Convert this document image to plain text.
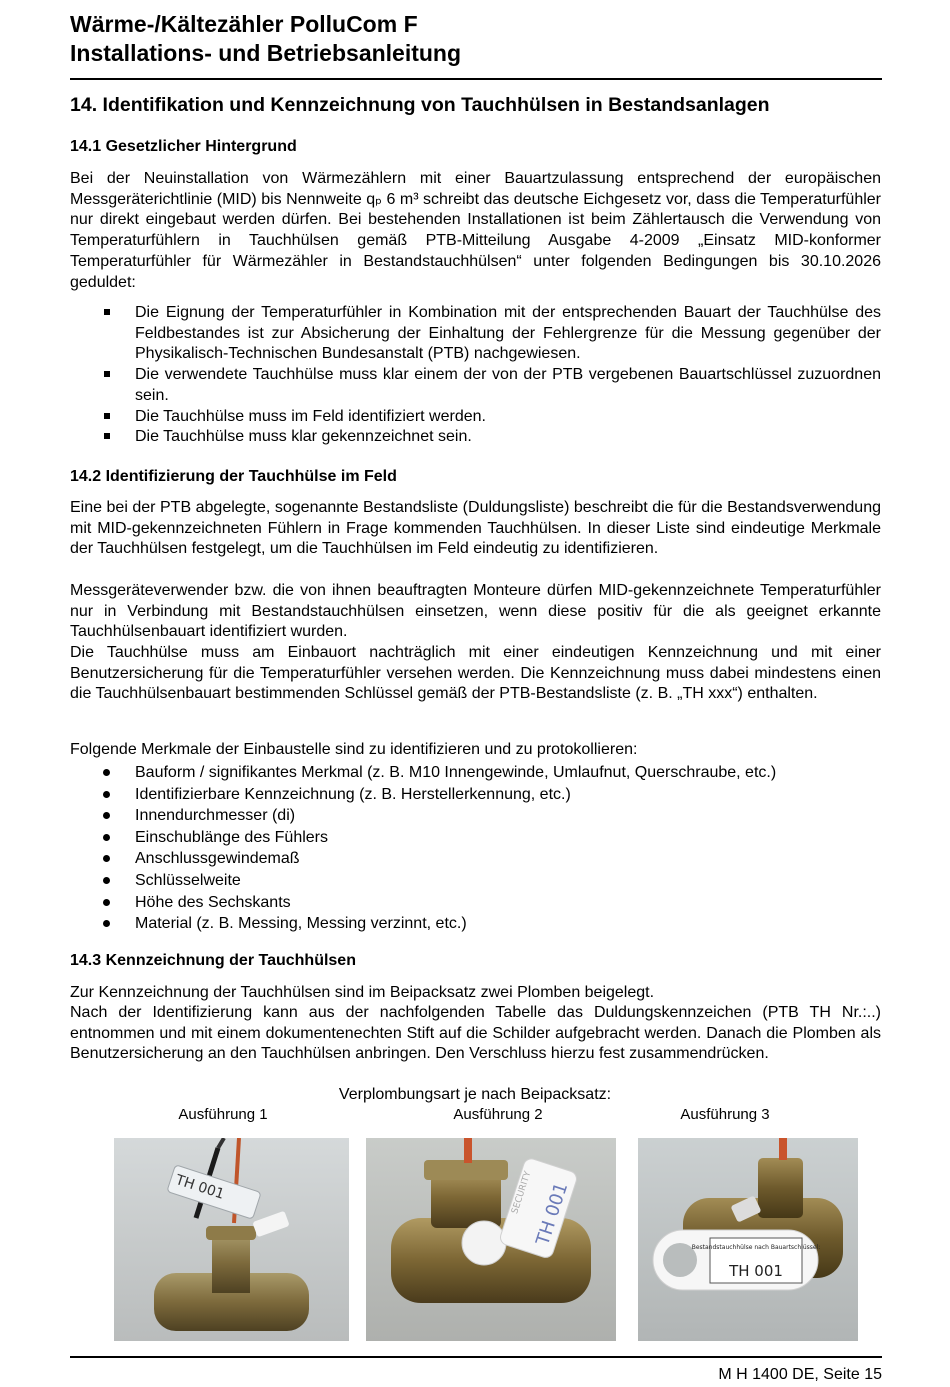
Wärme-/Kältezähler PolluCom F
Installations- und Betriebsanleitung
14. Identifikation und Kennzeichnung von Tauchhülsen in Bestandsanlagen
14.1 Gesetzlicher Hintergrund
Bei der Neuinstallation von Wärmezählern mit einer Bauartzulassung entsprechend der europäischen Messgeräterichtlinie (MID) bis Nennweite qₚ 6 m³ schreibt das deutsche Eichgesetz vor, dass die Temperaturfühler nur direkt eingebaut werden dürfen. Bei bestehenden Installationen ist beim Zählertausch die Verwendung von Temperaturfühlern in Tauchhülsen gemäß PTB-Mitteilung Ausgabe 4-2009 „Einsatz MID-konformer Temperaturfühler für Wärmezähler in Bestandstauchhülsen“ unter folgenden Bedingungen bis 30.10.2026 geduldet:
Die Eignung der Temperaturfühler in Kombination mit der entsprechenden Bauart der Tauchhülse des Feldbestandes ist zur Absicherung der Einhaltung der Fehlergrenze für die Messung gegenüber der Physikalisch-Technischen Bundesanstalt (PTB) nachgewiesen.
Die verwendete Tauchhülse muss klar einem der von der PTB vergebenen Bauartschlüssel zuzuordnen sein.
Die Tauchhülse muss im Feld identifiziert werden.
Die Tauchhülse muss klar gekennzeichnet sein.
14.2 Identifizierung der Tauchhülse im Feld
Eine bei der PTB abgelegte, sogenannte Bestandsliste (Duldungsliste) beschreibt die für die Bestandsverwendung mit MID-gekennzeichneten Fühlern in Frage kommenden Tauchhülsen. In dieser Liste sind eindeutige Merkmale der Tauchhülsen festgelegt, um die Tauchhülsen im Feld eindeutig zu identifizieren.
Messgeräteverwender bzw. die von ihnen beauftragten Monteure dürfen MID-gekennzeichnete Temperaturfühler nur in Verbindung mit Bestandstauchhülsen einsetzen, wenn diese positiv für die als geeignet erkannte Tauchhülsenbauart identifiziert wurden.
Die Tauchhülse muss am Einbauort nachträglich mit einer eindeutigen Kennzeichnung und mit einer Benutzersicherung für die Temperaturfühler versehen werden. Die Kennzeichnung muss dabei mindestens einen die Tauchhülsenbauart bestimmenden Schlüssel gemäß der PTB-Bestandsliste (z. B. „TH xxx“) enthalten.
Folgende Merkmale der Einbaustelle sind zu identifizieren und zu protokollieren:
Bauform / signifikantes Merkmal (z. B. M10 Innengewinde, Umlaufnut, Querschraube, etc.)
Identifizierbare Kennzeichnung (z. B. Herstellerkennung, etc.)
Innendurchmesser (di)
Einschublänge des Fühlers
Anschlussgewindemaß
Schlüsselweite
Höhe des Sechskants
Material (z. B. Messing, Messing verzinnt, etc.)
14.3 Kennzeichnung der Tauchhülsen
Zur Kennzeichnung der Tauchhülsen sind im Beipacksatz zwei Plomben beigelegt.
Nach der Identifizierung kann aus der nachfolgenden Tabelle das Duldungskennzeichen (PTB TH Nr.:..) entnommen und mit einem dokumentenechten Stift auf die Schilder aufgebracht werden. Danach die Plomben als Benutzersicherung an den Tauchhülsen anbringen. Den Verschluss hierzu fest zusammendrücken.
Verplombungsart je nach Beipacksatz:
Ausführung 1	Ausführung 2	Ausführung 3
TH 001	SECURITY
TH 001	Bestandstauchhülse nach Bauartschlüssel:
TH 001
M H 1400 DE, Seite 15
